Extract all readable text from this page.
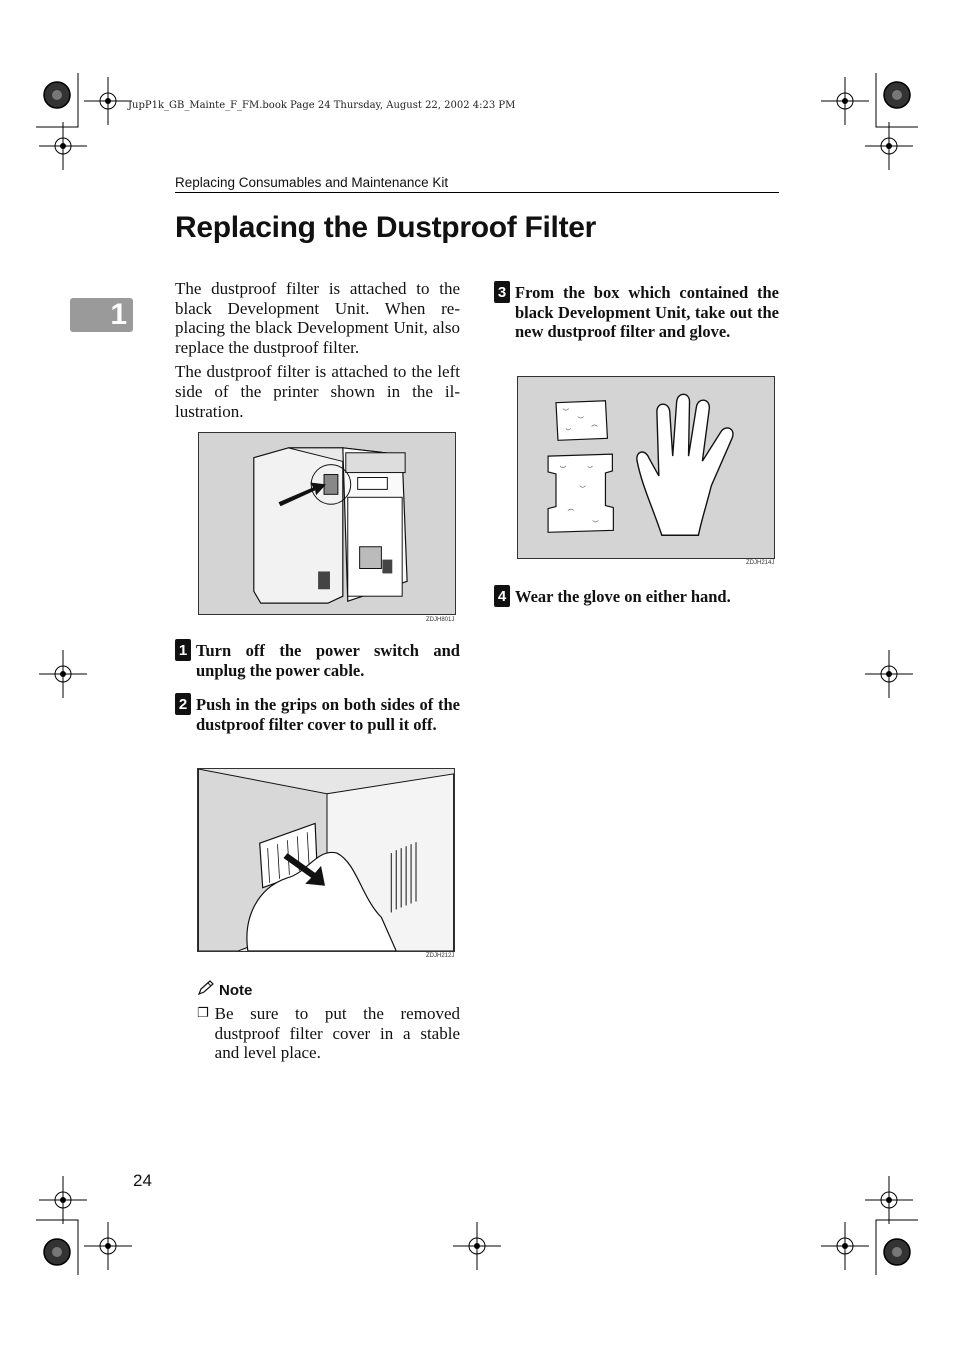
JupP1k_GB_Mainte_F_FM.book Page 24 Thursday, August 22, 2002 4:23 PM
Replacing Consumables and Maintenance Kit
Replacing the Dustproof Filter
1

The dustproof filter is attached to the black Development Unit. When re-placing the black Development Unit, also replace the dustproof filter.

The dustproof filter is attached to the left side of the printer shown in the il-lustration.

ZDJH801J
1 Turn off the power switch and unplug the power cable.
2 Push in the grips on both sides of the dustproof filter cover to pull it off.
ZDJH212J
Note
❐ Be sure to put the removed dustproof filter cover in a stable and level place.
3 From the box which contained the black Development Unit, take out the new dustproof filter and glove.
ZDJH214J
4 Wear the glove on either hand.
24
